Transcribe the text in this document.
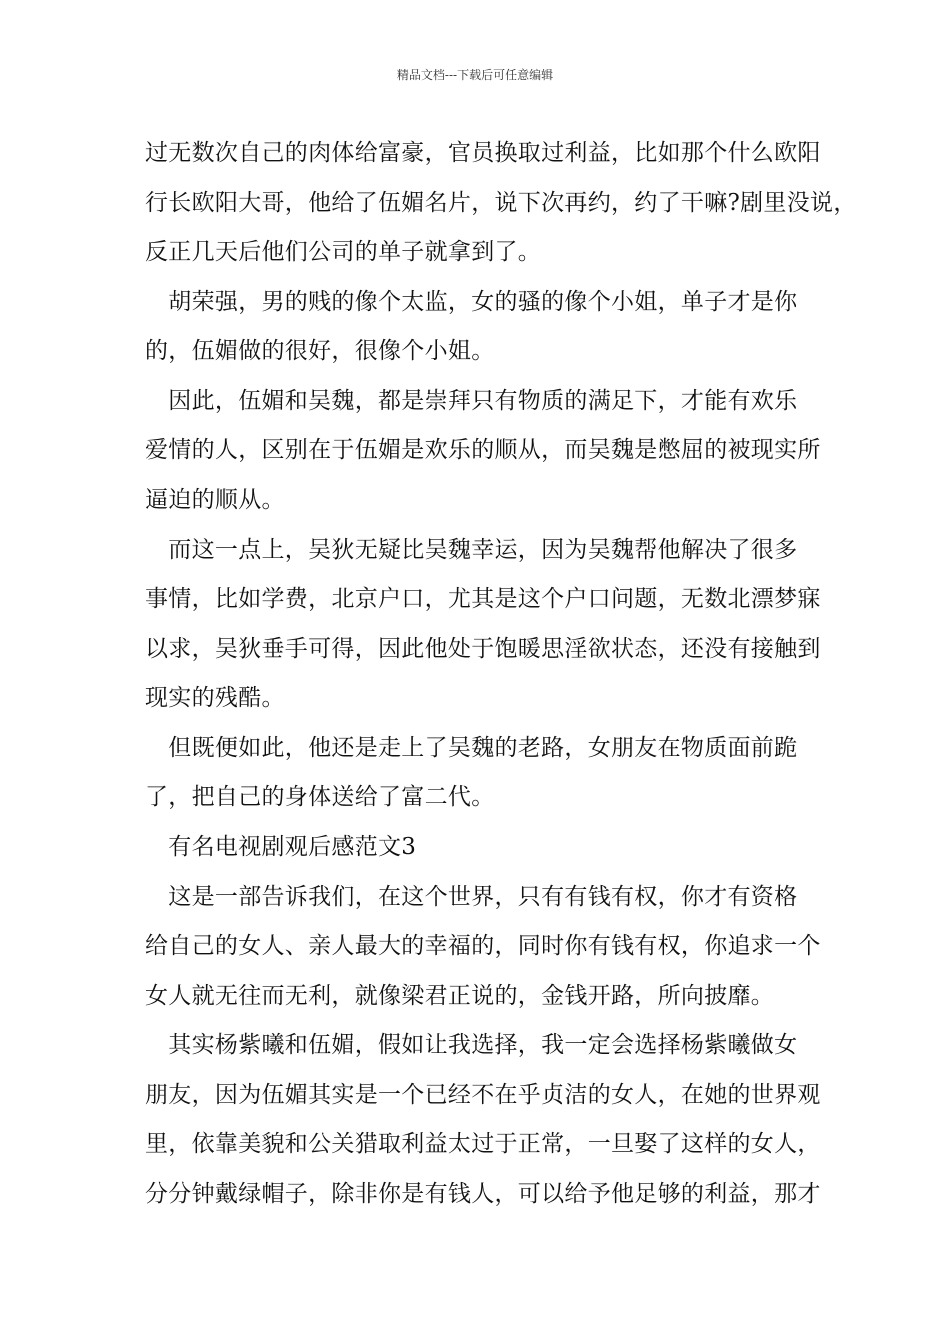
精品文档---下载后可任意编辑
过无数次自己的肉体给富豪，官员换取过利益，比如那个什么欧阳
行长欧阳大哥，他给了伍媚名片，说下次再约，约了干嘛?剧里没说，
反正几天后他们公司的单子就拿到了。
　胡荣强，男的贱的像个太监，女的骚的像个小姐，单子才是你
的，伍媚做的很好，很像个小姐。
　因此，伍媚和吴魏，都是崇拜只有物质的满足下，才能有欢乐
爱情的人，区别在于伍媚是欢乐的顺从，而吴魏是憋屈的被现实所
逼迫的顺从。
　而这一点上，吴狄无疑比吴魏幸运，因为吴魏帮他解决了很多
事情，比如学费，北京户口，尤其是这个户口问题，无数北漂梦寐
以求，吴狄垂手可得，因此他处于饱暖思淫欲状态，还没有接触到
现实的残酷。
　但既便如此，他还是走上了吴魏的老路，女朋友在物质面前跪
了，把自己的身体送给了富二代。
　有名电视剧观后感范文3
　这是一部告诉我们，在这个世界，只有有钱有权，你才有资格
给自己的女人、亲人最大的幸福的，同时你有钱有权，你追求一个
女人就无往而无利，就像梁君正说的，金钱开路，所向披靡。
　其实杨紫曦和伍媚，假如让我选择，我一定会选择杨紫曦做女
朋友，因为伍媚其实是一个已经不在乎贞洁的女人，在她的世界观
里，依靠美貌和公关猎取利益太过于正常，一旦娶了这样的女人，
分分钟戴绿帽子，除非你是有钱人，可以给予他足够的利益，那才
